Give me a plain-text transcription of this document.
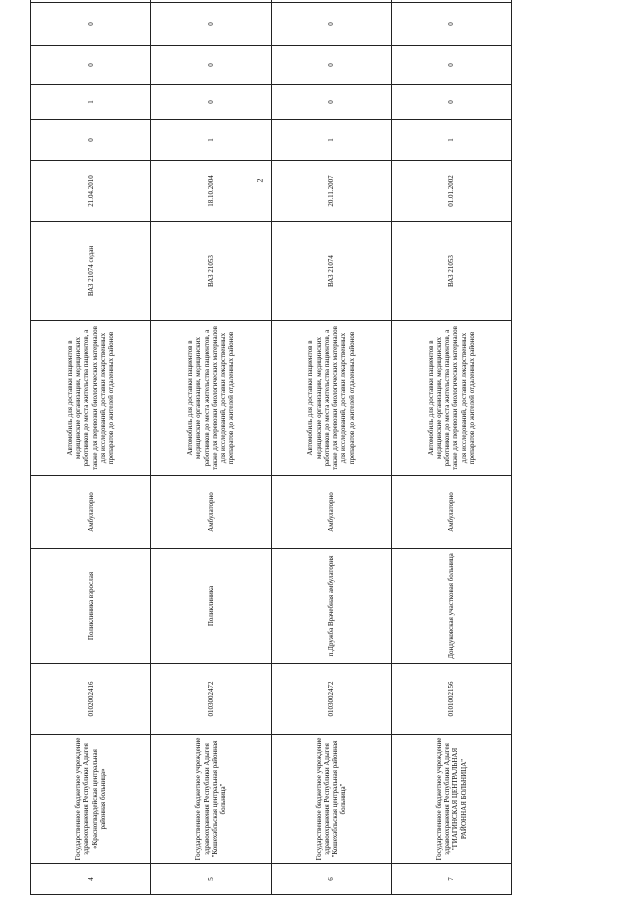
2
4	Государственное бюджетное учреждение здравоохранения Республики Адыгея «Красногвардейская центральная районная больница»	0102002416	Поликлиника взрослая	Амбулаторно	Автомобиль для доставки пациентов в медицинские организации, медицинских работников до места жительства пациентов, а также для перевозки биологических материалов для исследований, доставки лекарственных препаратов до жителей отдаленных районов	ВАЗ 21074 седан	21.04.2010	0	1	0	0	
5	Государственное бюджетное учреждение здравоохранения Республики Адыгея "Кошехабльская центральная районная больница"	0103002472	Поликлиника	Амбулаторно	Автомобиль для доставки пациентов в медицинские организации, медицинских работников до места жительства пациентов, а также для перевозки биологических материалов для исследований, доставки лекарственных препаратов до жителей отдаленных районов	ВАЗ 21053	18.10.2004	1	0	0	0	
6	Государственное бюджетное учреждение здравоохранения Республики Адыгея "Кошехабльская центральная районная больница"	0103002472	п.Дружба Врачебная амбулатория	Амбулаторно	Автомобиль для доставки пациентов в медицинские организации, медицинских работников до места жительства пациентов, а также для перевозки биологических материалов для исследований, доставки лекарственных препаратов до жителей отдаленных районов	ВАЗ 21074	20.11.2007	1	0	0	0	
7	Государственное бюджетное учреждение здравоохранения Республики Адыгея "ГИАГИНСКАЯ ЦЕНТРАЛЬНАЯ РАЙОННАЯ БОЛЬНИЦА"	0101002156	Дондуковская участковая больница	Амбулаторно	Автомобиль для доставки пациентов в медицинские организации, медицинских работников до места жительства пациентов, а также для перевозки биологических материалов для исследований, доставки лекарственных препаратов до жителей отдаленных районов	ВАЗ 21053	01.01.2002	1	0	0	0	
